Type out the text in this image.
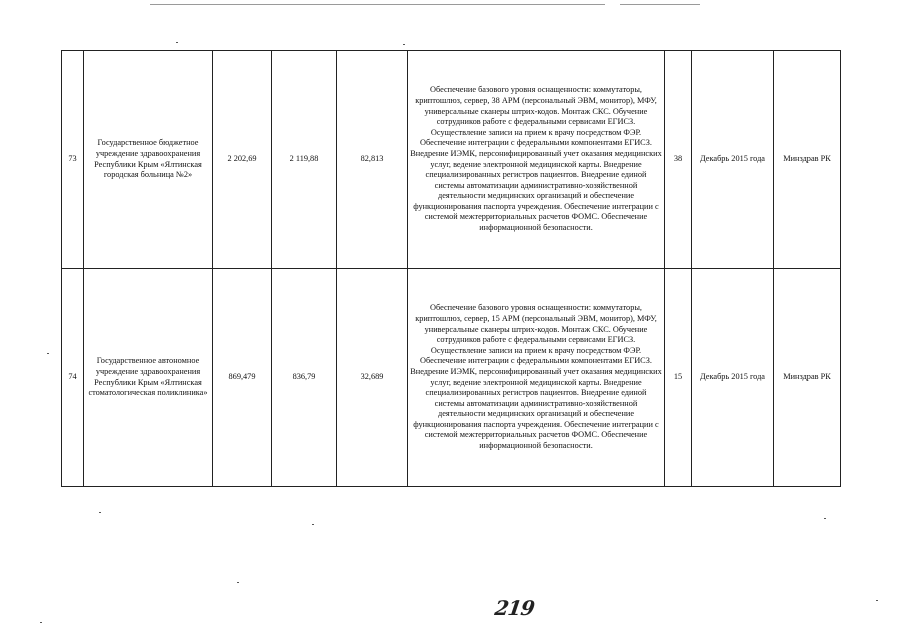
73	Государственное бюджетное учреждение здравоохранения Республики Крым «Ялтинская городская больница №2»	2 202,69	2 119,88	82,813	Обеспечение базового уровня оснащенности: коммутаторы, криптошлюз, сервер, 38 АРМ (персональный ЭВМ, монитор), МФУ, универсальные сканеры штрих-кодов. Монтаж СКС. Обучение сотрудников работе с федеральными сервисами ЕГИСЗ. Осуществление записи на прием к врачу посредством ФЭР. Обеспечение интеграции с федеральными компонентами ЕГИСЗ. Внедрение ИЭМК, персонифицированный учет оказания медицинских услуг, ведение электронной медицинской карты. Внедрение специализированных регистров пациентов. Внедрение единой системы автоматизации административно-хозяйственной деятельности медицинских организаций и обеспечение функционирования паспорта учреждения. Обеспечение интеграции с системой межтерриториальных расчетов ФОМС. Обеспечение информационной безопасности.	38	Декабрь 2015 года	Минздрав РК
74	Государственное автономное учреждение здравоохранения Республики Крым «Ялтинская стоматологическая поликлиника»	869,479	836,79	32,689	Обеспечение базового уровня оснащенности: коммутаторы, криптошлюз, сервер, 15 АРМ (персональный ЭВМ, монитор), МФУ, универсальные сканеры штрих-кодов. Монтаж СКС. Обучение сотрудников работе с федеральными сервисами ЕГИСЗ. Осуществление записи на прием к врачу посредством ФЭР. Обеспечение интеграции с федеральными компонентами ЕГИСЗ. Внедрение ИЭМК, персонифицированный учет оказания медицинских услуг, ведение электронной медицинской карты. Внедрение специализированных регистров пациентов. Внедрение единой системы автоматизации административно-хозяйственной деятельности медицинских организаций и обеспечение функционирования паспорта учреждения. Обеспечение интеграции с системой межтерриториальных расчетов ФОМС. Обеспечение информационной безопасности.	15	Декабрь 2015 года	Минздрав РК
219
